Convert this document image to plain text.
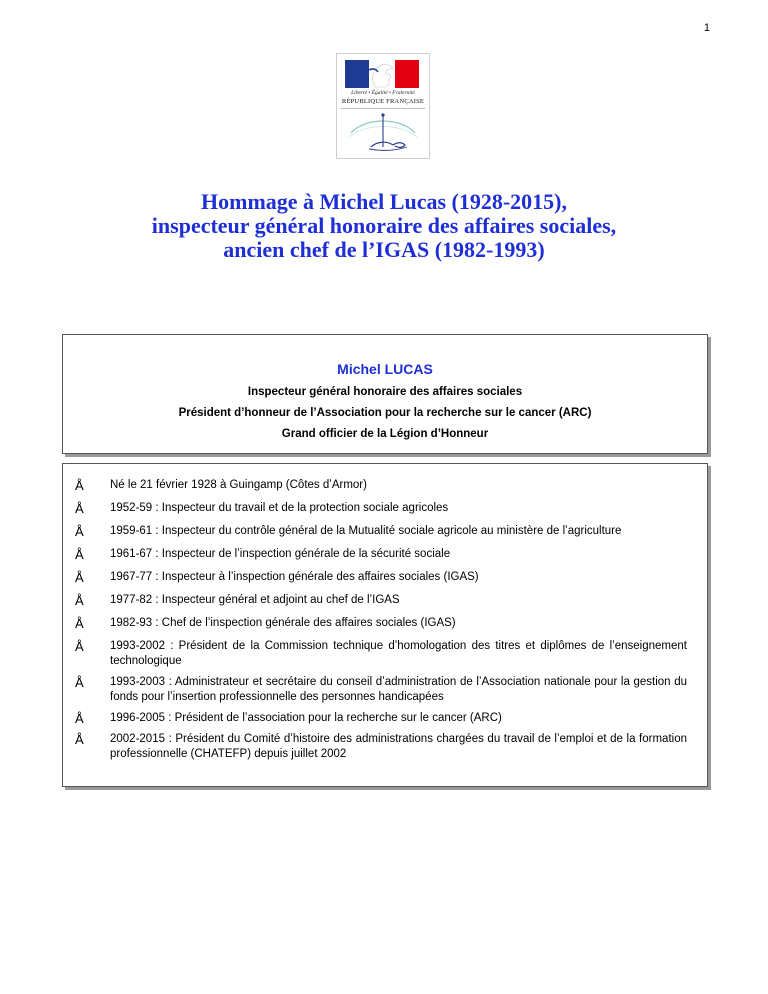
1
Liberté • Égalité • Fraternité
RÉPUBLIQUE FRANÇAISE
Hommage à Michel Lucas (1928-2015),
inspecteur général honoraire des affaires sociales,
ancien chef de l’IGAS (1982-1993)
Michel LUCAS
Inspecteur général honoraire des affaires sociales
Président d’honneur de l’Association pour la recherche sur le cancer (ARC)
Grand officier de la Légion d’Honneur
Å Né le 21 février 1928 à Guingamp (Côtes dʼArmor)
Å 1952-59 : Inspecteur du travail et de la protection sociale agricoles
Å 1959-61 : Inspecteur du contrôle général de la Mutualité sociale agricole au ministère de lʼagriculture
Å 1961-67 : Inspecteur de lʼinspection générale de la sécurité sociale
Å 1967-77 : Inspecteur à lʼinspection générale des affaires sociales (IGAS)
Å 1977-82 : Inspecteur général et adjoint au chef de lʼIGAS
Å 1982-93 : Chef de lʼinspection générale des affaires sociales (IGAS)
Å 1993-2002 : Président de la Commission technique dʼhomologation des titres et diplômes de lʼenseignement technologique
Å 1993-2003 : Administrateur et secrétaire du conseil dʼadministration de lʼAssociation nationale pour la gestion du fonds pour lʼinsertion professionnelle des personnes handicapées
Å 1996-2005 : Président de lʼassociation pour la recherche sur le cancer (ARC)
Å 2002-2015 : Président du Comité dʼhistoire des administrations chargées du travail de lʼemploi et de la formation professionnelle (CHATEFP) depuis juillet 2002
